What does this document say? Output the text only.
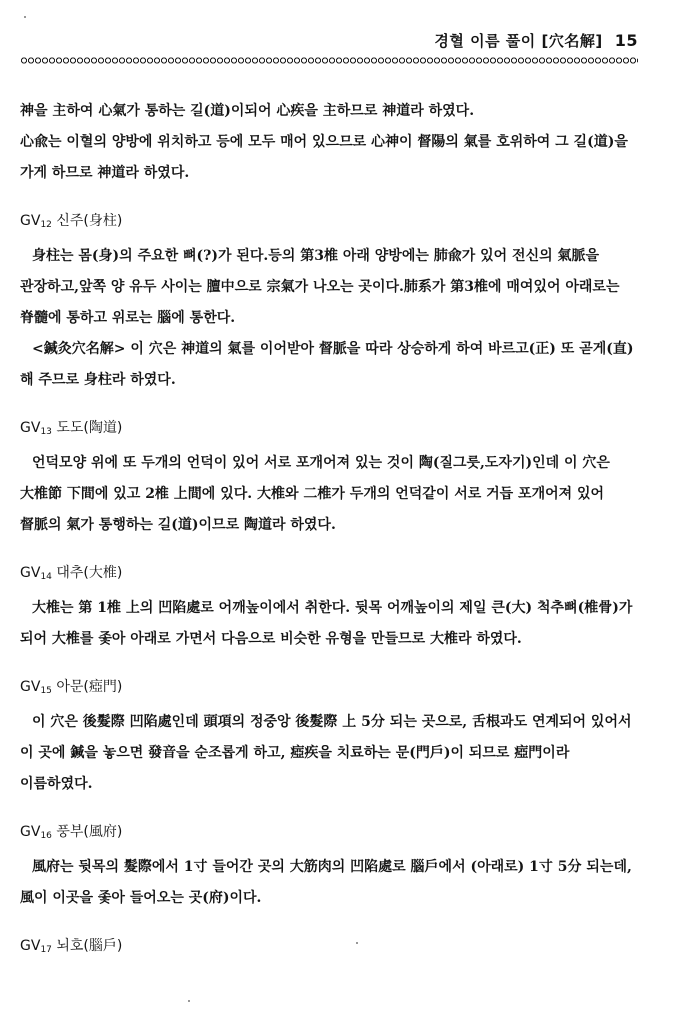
경혈 이름 풀이 [穴名解] 15

神을 主하여 心氣가 통하는 길(道)이되어 心疾을 主하므로 神道라 하였다.

心兪는 이혈의 양방에 위치하고 등에 모두 매어 있으므로 心神이 督陽의 氣를 호위하여 그 길(道)을 가게 하므로 神道라 하였다.

$GV_{12}$ 신주(身柱)

身柱는 몸(身)의 주요한 뼈(?)가 된다.등의 第3椎 아래 양방에는 肺兪가 있어 전신의 氣脈을 관장하고,앞쪽 양 유두 사이는 膻中으로 宗氣가 나오는 곳이다.肺系가 第3椎에 매여있어 아래로는 脊髓에 통하고 위로는 腦에 통한다.

<鍼灸穴名解> 이 穴은 神道의 氣를 이어받아 督脈을 따라 상승하게 하여 바르고(正) 또 곧게(直) 해 주므로 身柱라 하였다.

$GV_{13}$ 도도(陶道)

언덕모양 위에 또 두개의 언덕이 있어 서로 포개어져 있는 것이 陶(질그릇,도자기)인데 이 穴은 大椎節 下間에 있고 2椎 上間에 있다. 大椎와 二椎가 두개의 언덕같이 서로 거듭 포개어져 있어 督脈의 氣가 통행하는 길(道)이므로 陶道라 하였다.

$GV_{14}$ 대추(大椎)

大椎는 第 1椎 上의 凹陷處로 어깨높이에서 취한다. 뒷목 어깨높이의 제일 큰(大) 척추뼈(椎骨)가 되어 大椎를 좇아 아래로 가면서 다음으로 비슷한 유형을 만들므로 大椎라 하였다.

$GV_{15}$ 아문(瘂門)

이 穴은 後髮際 凹陷處인데 頭項의 정중앙 後髮際 上 5分 되는 곳으로, 舌根과도 연계되어 있어서 이 곳에 鍼을 놓으면 發音을 순조롭게 하고, 瘂疾을 치료하는 문(門戶)이 되므로 瘂門이라 이름하였다.

$GV_{16}$ 풍부(風府)

風府는 뒷목의 髮際에서 1寸 들어간 곳의 大筋肉의 凹陷處로 腦戶에서 (아래로) 1寸 5分 되는데, 風이 이곳을 좇아 들어오는 곳(府)이다.

$GV_{17}$ 뇌호(腦戶)
